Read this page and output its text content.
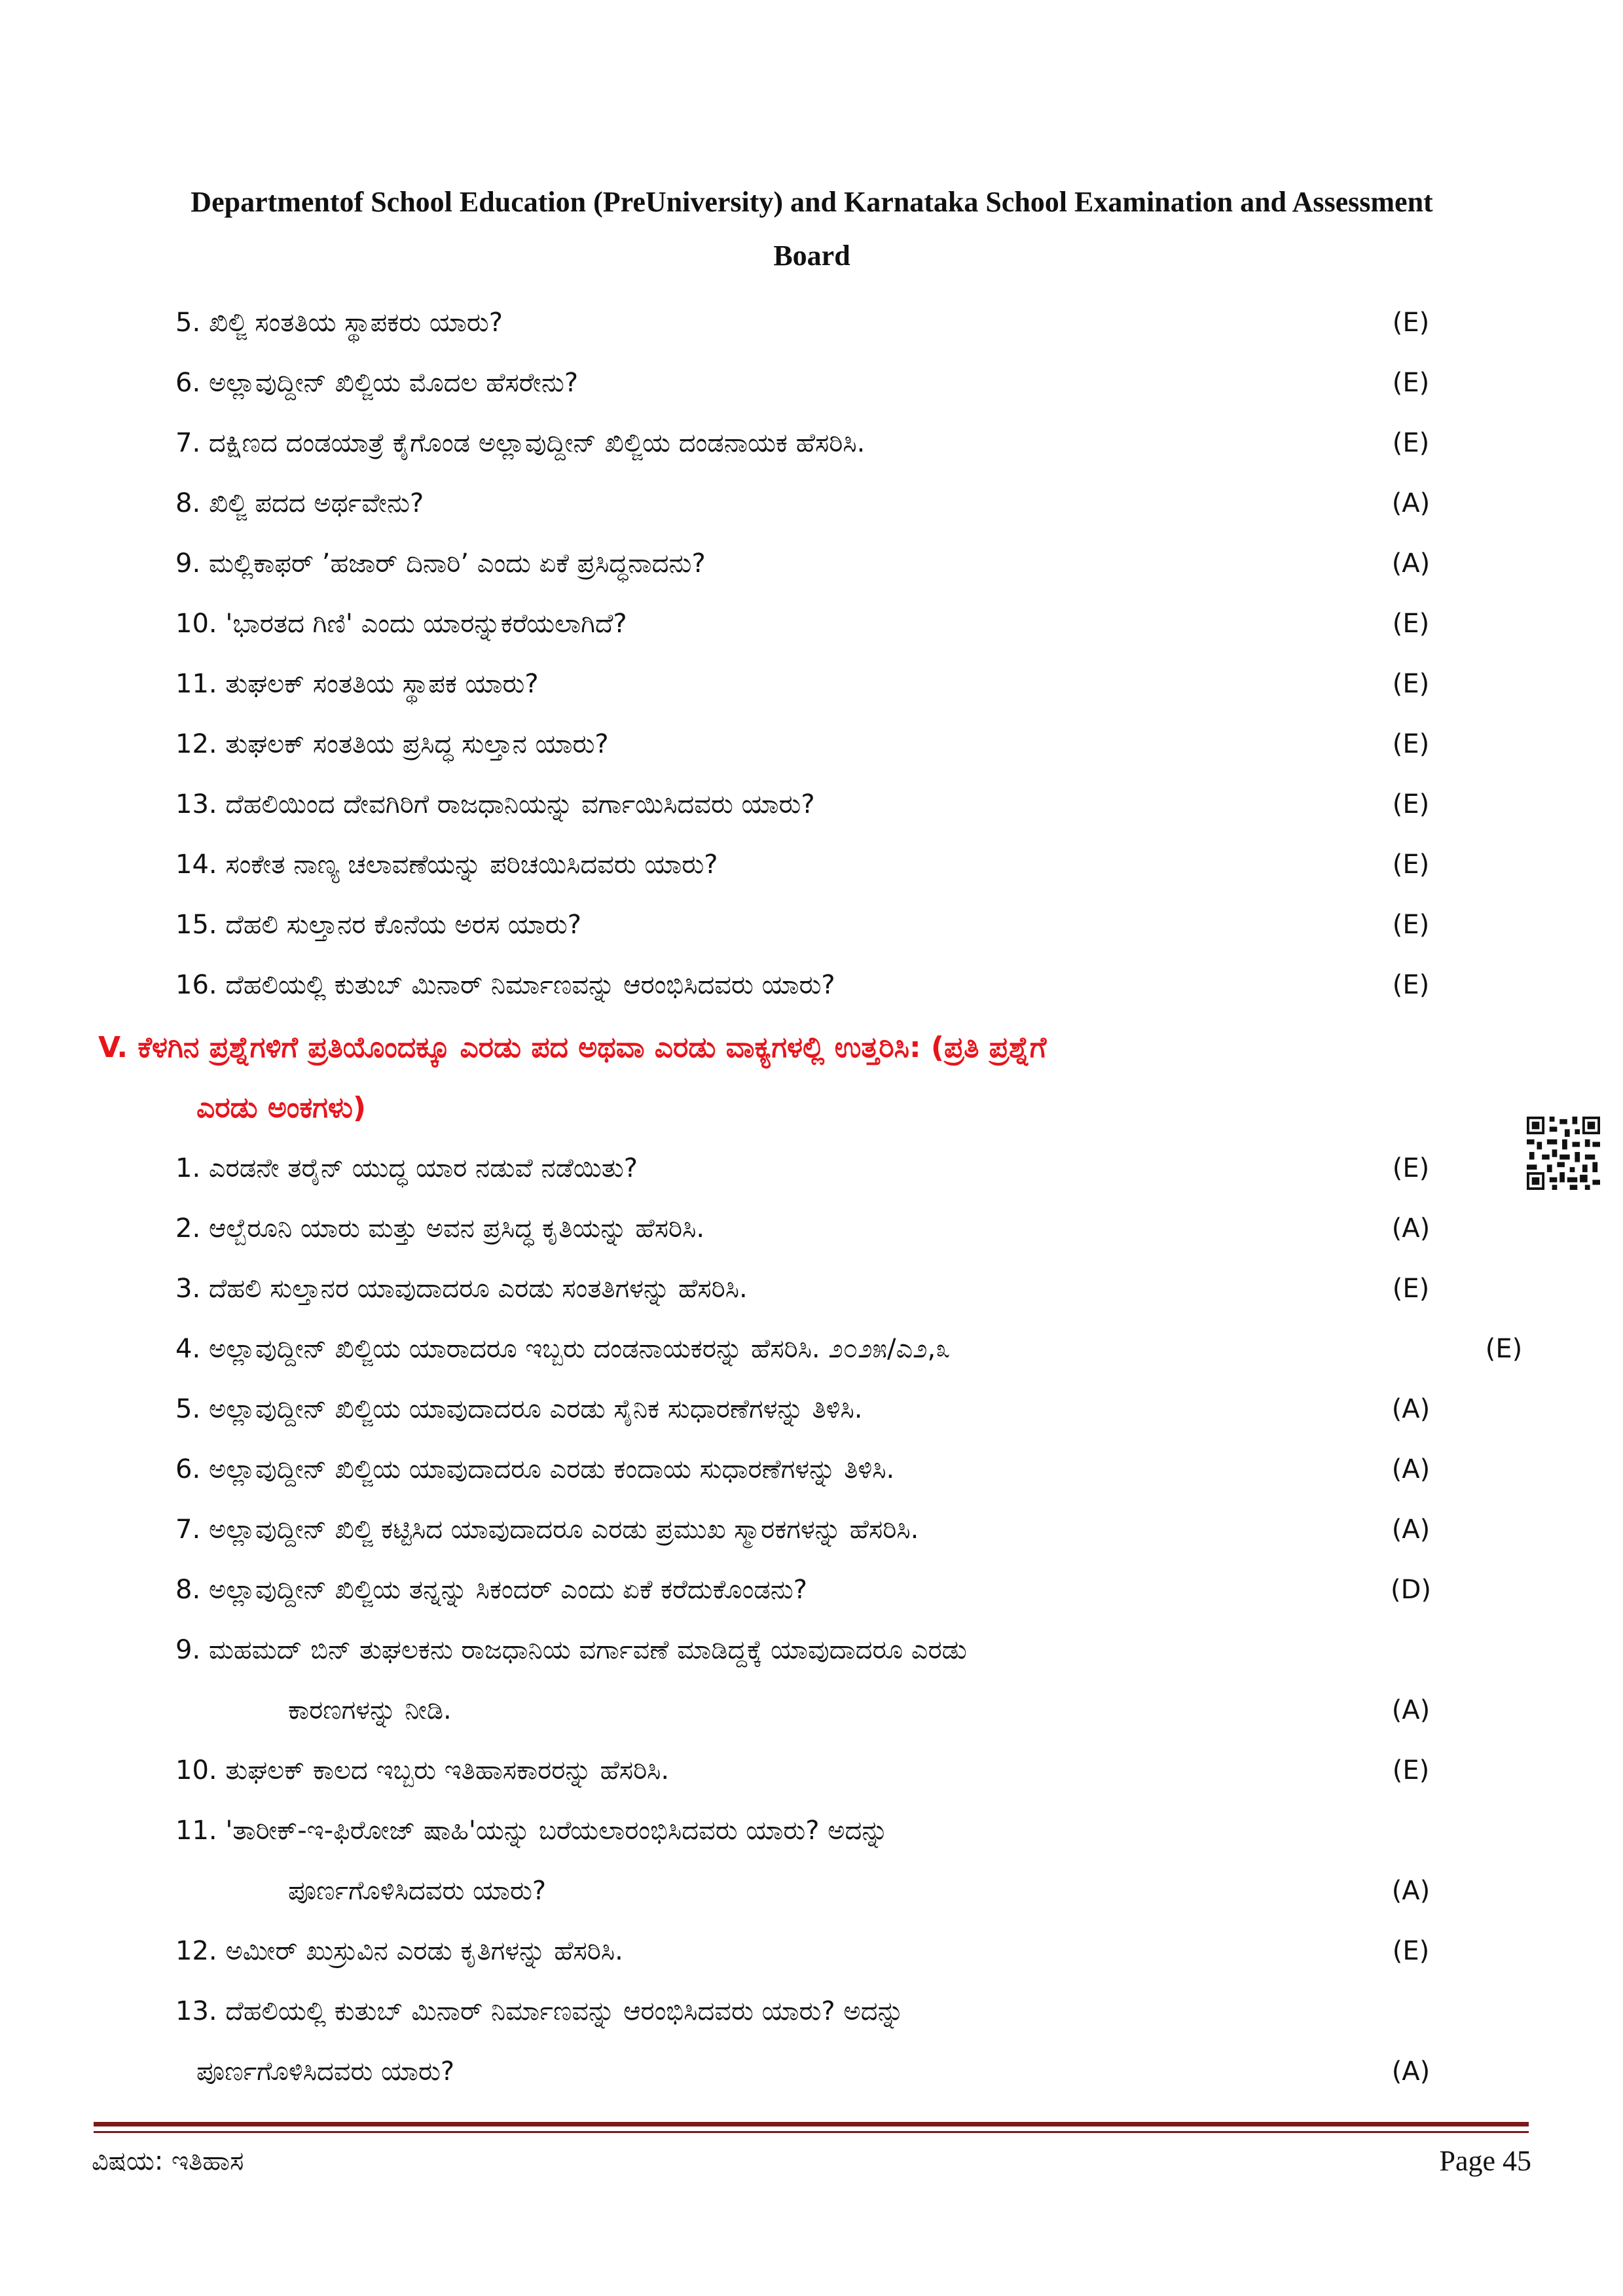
Departmentof School Education (PreUniversity) and Karnataka School Examination and Assessment
Board
5. ಖಿಲ್ಜಿ ಸಂತತಿಯ ಸ್ಥಾಪಕರು ಯಾರು?	(E)
6. ಅಲ್ಲಾವುದ್ದೀನ್ ಖಿಲ್ಜಿಯ ಮೊದಲ ಹೆಸರೇನು?	(E)
7. ದಕ್ಷಿಣದ ದಂಡಯಾತ್ರೆ ಕೈಗೊಂಡ ಅಲ್ಲಾವುದ್ದೀನ್ ಖಿಲ್ಜಿಯ ದಂಡನಾಯಕ ಹೆಸರಿಸಿ.	(E)
8. ಖಿಲ್ಜಿ ಪದದ ಅರ್ಥವೇನು?	(A)
9. ಮಲ್ಲಿಕಾಫರ್ ’ಹಜಾರ್ ದಿನಾರಿ’ ಎಂದು ಏಕೆ ಪ್ರಸಿದ್ಧನಾದನು?	(A)
10. 'ಭಾರತದ ಗಿಣಿ' ಎಂದು ಯಾರನ್ನುಕರೆಯಲಾಗಿದೆ?	(E)
11. ತುಘಲಕ್ ಸಂತತಿಯ ಸ್ಥಾಪಕ ಯಾರು?	(E)
12. ತುಘಲಕ್ ಸಂತತಿಯ ಪ್ರಸಿದ್ಧ ಸುಲ್ತಾನ ಯಾರು?	(E)
13. ದೆಹಲಿಯಿಂದ ದೇವಗಿರಿಗೆ ರಾಜಧಾನಿಯನ್ನು ವರ್ಗಾಯಿಸಿದವರು ಯಾರು?	(E)
14. ಸಂಕೇತ ನಾಣ್ಯ ಚಲಾವಣೆಯನ್ನು ಪರಿಚಯಿಸಿದವರು ಯಾರು?	(E)
15. ದೆಹಲಿ ಸುಲ್ತಾನರ ಕೊನೆಯ ಅರಸ ಯಾರು?	(E)
16. ದೆಹಲಿಯಲ್ಲಿ ಕುತುಬ್ ಮಿನಾರ್ ನಿರ್ಮಾಣವನ್ನು ಆರಂಭಿಸಿದವರು ಯಾರು?	(E)
V. ಕೆಳಗಿನ ಪ್ರಶ್ನೆಗಳಿಗೆ ಪ್ರತಿಯೊಂದಕ್ಕೂ ಎರಡು ಪದ ಅಥವಾ ಎರಡು ವಾಕ್ಯಗಳಲ್ಲಿ ಉತ್ತರಿಸಿ: (ಪ್ರತಿ ಪ್ರಶ್ನೆಗೆ
ಎರಡು ಅಂಕಗಳು)
1. ಎರಡನೇ ತರೈನ್ ಯುದ್ಧ ಯಾರ ನಡುವೆ ನಡೆಯಿತು?	(E)
2. ಆಲ್ಬೆರೂನಿ ಯಾರು ಮತ್ತು ಅವನ ಪ್ರಸಿದ್ಧ ಕೃತಿಯನ್ನು ಹೆಸರಿಸಿ.	(A)
3. ದೆಹಲಿ ಸುಲ್ತಾನರ ಯಾವುದಾದರೂ ಎರಡು ಸಂತತಿಗಳನ್ನು ಹೆಸರಿಸಿ.	(E)
4. ಅಲ್ಲಾವುದ್ದೀನ್ ಖಿಲ್ಜಿಯ ಯಾರಾದರೂ ಇಬ್ಬರು ದಂಡನಾಯಕರನ್ನು ಹೆಸರಿಸಿ. ೨೦೨೫/ಎ೨,೩	(E)
5. ಅಲ್ಲಾವುದ್ದೀನ್ ಖಿಲ್ಜಿಯ ಯಾವುದಾದರೂ ಎರಡು ಸೈನಿಕ ಸುಧಾರಣೆಗಳನ್ನು ತಿಳಿಸಿ.	(A)
6. ಅಲ್ಲಾವುದ್ದೀನ್ ಖಿಲ್ಜಿಯ ಯಾವುದಾದರೂ ಎರಡು ಕಂದಾಯ ಸುಧಾರಣೆಗಳನ್ನು ತಿಳಿಸಿ.	(A)
7. ಅಲ್ಲಾವುದ್ದೀನ್ ಖಿಲ್ಜಿ ಕಟ್ಟಿಸಿದ ಯಾವುದಾದರೂ ಎರಡು ಪ್ರಮುಖ ಸ್ಮಾರಕಗಳನ್ನು ಹೆಸರಿಸಿ.	(A)
8. ಅಲ್ಲಾವುದ್ದೀನ್ ಖಿಲ್ಜಿಯ ತನ್ನನ್ನು ಸಿಕಂದರ್ ಎಂದು ಏಕೆ ಕರೆದುಕೊಂಡನು?	(D)
9. ಮಹಮದ್ ಬಿನ್ ತುಘಲಕನು ರಾಜಧಾನಿಯ ವರ್ಗಾವಣೆ ಮಾಡಿದ್ದಕ್ಕೆ ಯಾವುದಾದರೂ ಎರಡು
ಕಾರಣಗಳನ್ನು ನೀಡಿ.	(A)
10. ತುಘಲಕ್ ಕಾಲದ ಇಬ್ಬರು ಇತಿಹಾಸಕಾರರನ್ನು ಹೆಸರಿಸಿ.	(E)
11. 'ತಾರೀಕ್-ಇ-ಫಿರೋಜ್ ಷಾಹಿ'ಯನ್ನು ಬರೆಯಲಾರಂಭಿಸಿದವರು ಯಾರು? ಅದನ್ನು
ಪೂರ್ಣಗೊಳಿಸಿದವರು ಯಾರು?	(A)
12. ಅಮೀರ್ ಖುಸ್ರುವಿನ ಎರಡು ಕೃತಿಗಳನ್ನು ಹೆಸರಿಸಿ.	(E)
13. ದೆಹಲಿಯಲ್ಲಿ ಕುತುಬ್ ಮಿನಾರ್ ನಿರ್ಮಾಣವನ್ನು ಆರಂಭಿಸಿದವರು ಯಾರು? ಅದನ್ನು
ಪೂರ್ಣಗೊಳಿಸಿದವರು ಯಾರು?	(A)
ವಿಷಯ: ಇತಿಹಾಸ	Page 45
